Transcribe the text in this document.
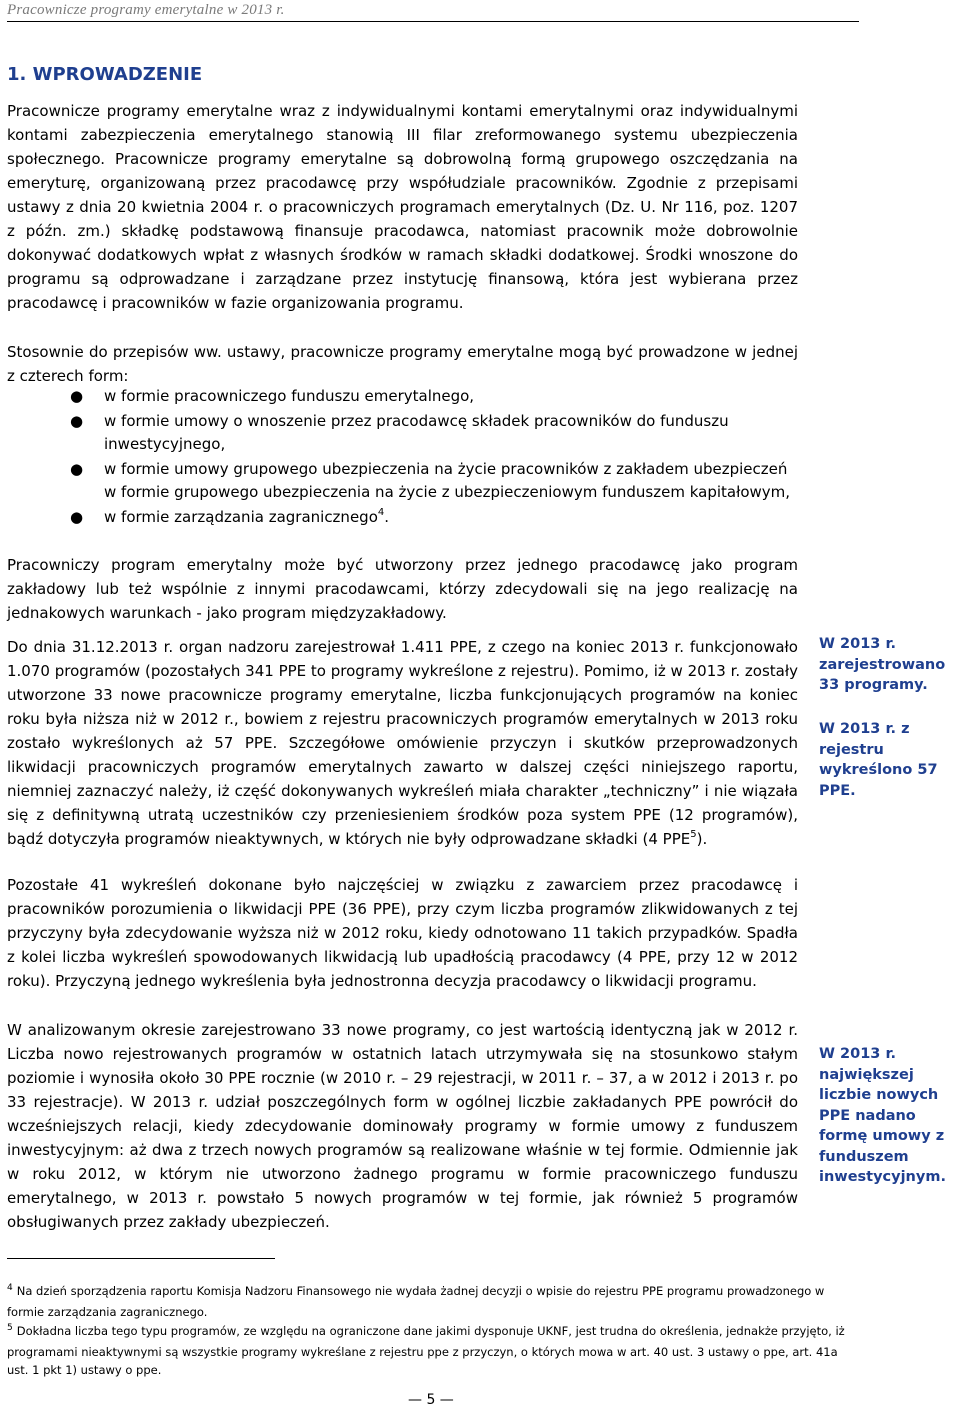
Pracownicze programy emerytalne w 2013 r.
1. WPROWADZENIE

Pracownicze programy emerytalne wraz z indywidualnymi kontami emerytalnymi oraz indywidualnymi kontami zabezpieczenia emerytalnego stanowią III filar zreformowanego systemu ubezpieczenia społecznego. Pracownicze programy emerytalne są dobrowolną formą grupowego oszczędzania na emeryturę, organizowaną przez pracodawcę przy współudziale pracowników. Zgodnie z przepisami ustawy z dnia 20 kwietnia 2004 r. o pracowniczych programach emerytalnych (Dz. U. Nr 116, poz. 1207 z późn. zm.) składkę podstawową finansuje pracodawca, natomiast pracownik może dobrowolnie dokonywać dodatkowych wpłat z własnych środków w ramach składki dodatkowej. Środki wnoszone do programu są odprowadzane i zarządzane przez instytucję finansową, która jest wybierana przez pracodawcę i pracowników w fazie organizowania programu.

Stosownie do przepisów ww. ustawy, pracownicze programy emerytalne mogą być prowadzone w jednej z czterech form:

● w formie pracowniczego funduszu emerytalnego,
● w formie umowy o wnoszenie przez pracodawcę składek pracowników do funduszu inwestycyjnego,
● w formie umowy grupowego ubezpieczenia na życie pracowników z zakładem ubezpieczeń w formie grupowego ubezpieczenia na życie z ubezpieczeniowym funduszem kapitałowym,
● w formie zarządzania zagranicznego$^4$.

Pracowniczy program emerytalny może być utworzony przez jednego pracodawcę jako program zakładowy lub też wspólnie z innymi pracodawcami, którzy zdecydowali się na jego realizację na jednakowych warunkach - jako program międzyzakładowy.

Do dnia 31.12.2013 r. organ nadzoru zarejestrował 1.411 PPE, z czego na koniec 2013 r. funkcjonowało 1.070 programów (pozostałych 341 PPE to programy wykreślone z rejestru). Pomimo, iż w 2013 r. zostały utworzone 33 nowe pracownicze programy emerytalne, liczba funkcjonujących programów na koniec roku była niższa niż w 2012 r., bowiem z rejestru pracowniczych programów emerytalnych w 2013 roku zostało wykreślonych aż 57 PPE. Szczegółowe omówienie przyczyn i skutków przeprowadzonych likwidacji pracowniczych programów emerytalnych zawarto w dalszej części niniejszego raportu, niemniej zaznaczyć należy, iż część dokonywanych wykreśleń miała charakter „techniczny” i nie wiązała się z definitywną utratą uczestników czy przeniesieniem środków poza system PPE (12 programów), bądź dotyczyła programów nieaktywnych, w których nie były odprowadzane składki (4 PPE$^5$).

Pozostałe 41 wykreśleń dokonane było najczęściej w związku z zawarciem przez pracodawcę i pracowników porozumienia o likwidacji PPE (36 PPE), przy czym liczba programów zlikwidowanych z tej przyczyny była zdecydowanie wyższa niż w 2012 roku, kiedy odnotowano 11 takich przypadków. Spadła z kolei liczba wykreśleń spowodowanych likwidacją lub upadłością pracodawcy (4 PPE, przy 12 w 2012 roku). Przyczyną jednego wykreślenia była jednostronna decyzja pracodawcy o likwidacji programu.

W analizowanym okresie zarejestrowano 33 nowe programy, co jest wartością identyczną jak w 2012 r. Liczba nowo rejestrowanych programów w ostatnich latach utrzymywała się na stosunkowo stałym poziomie i wynosiła około 30 PPE rocznie (w 2010 r. – 29 rejestracji, w 2011 r. – 37, a w 2012 i 2013 r. po 33 rejestracje). W 2013 r. udział poszczególnych form w ogólnej liczbie zakładanych PPE powrócił do wcześniejszych relacji, kiedy zdecydowanie dominowały programy w formie umowy z funduszem inwestycyjnym: aż dwa z trzech nowych programów są realizowane właśnie w tej formie. Odmiennie jak w roku 2012, w którym nie utworzono żadnego programu w formie pracowniczego funduszu emerytalnego, w 2013 r. powstało 5 nowych programów w tej formie, jak również 5 programów obsługiwanych przez zakłady ubezpieczeń.

W 2013 r. zarejestrowano 33 programy.

W 2013 r. z rejestru wykreślono 57 PPE.

W 2013 r. największej liczbie nowych PPE nadano formę umowy z funduszem inwestycyjnym.

$^4$ Na dzień sporządzenia raportu Komisja Nadzoru Finansowego nie wydała żadnej decyzji o wpisie do rejestru PPE programu prowadzonego w formie zarządzania zagranicznego.

$^5$ Dokładna liczba tego typu programów, ze względu na ograniczone dane jakimi dysponuje UKNF, jest trudna do określenia, jednakże przyjęto, iż programami nieaktywnymi są wszystkie programy wykreślane z rejestru ppe z przyczyn, o których mowa w art. 40 ust. 3 ustawy o ppe, art. 41a ust. 1 pkt 1) ustawy o ppe.

— 5 —
